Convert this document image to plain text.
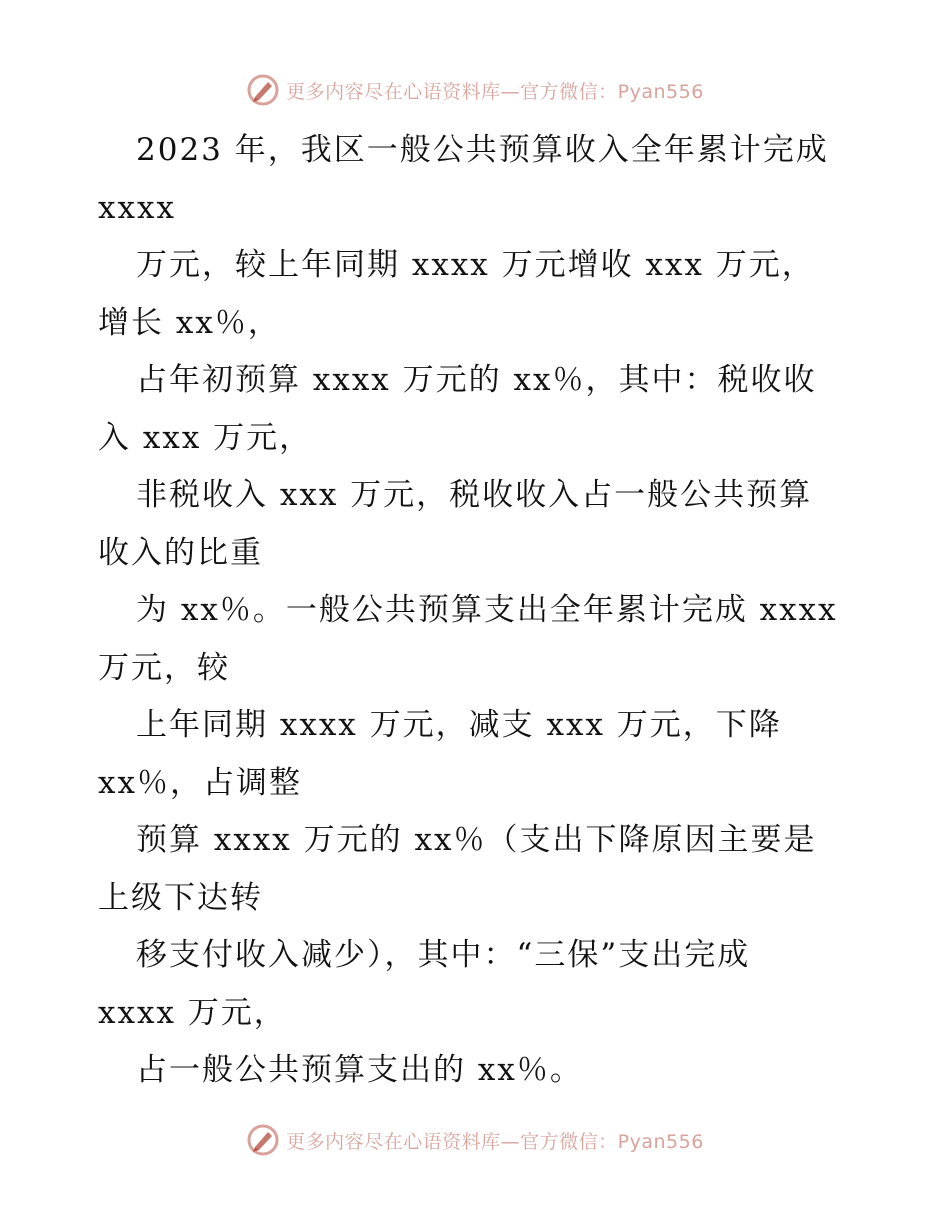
更多内容尽在心语资料库—官方微信：Pyan556
2023 年，我区一般公共预算收入全年累计完成
xxxx
万元，较上年同期 xxxx 万元增收 xxx 万元，
增长 xx％，
占年初预算 xxxx 万元的 xx％，其中：税收收
入 xxx 万元，
非税收入 xxx 万元，税收收入占一般公共预算
收入的比重
为 xx％。一般公共预算支出全年累计完成 xxxx
万元，较
上年同期 xxxx 万元，减支 xxx 万元，下降
xx％，占调整
预算 xxxx 万元的 xx％（支出下降原因主要是
上级下达转
移支付收入减少），其中：“三保”支出完成
xxxx 万元，
占一般公共预算支出的 xx％。
更多内容尽在心语资料库—官方微信：Pyan556
